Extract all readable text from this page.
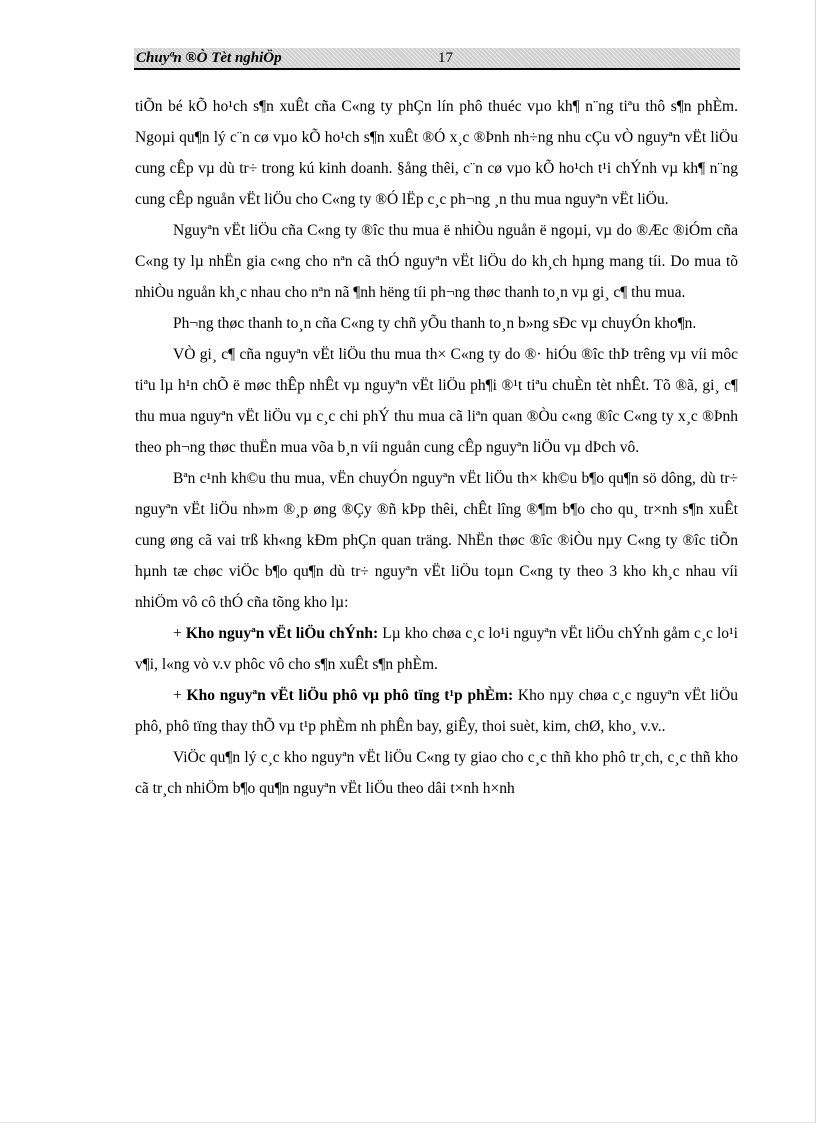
Chuyªn ®Ò Tèt nghiÖp	17

tiÕn bé kÕ ho¹ch s¶n xuÊt cña C«ng ty phÇn lín phô thuéc vµo kh¶ n¨ng tiªu thô s¶n phÈm. Ngoµi qu¶n lý c¨n cø vµo kÕ ho¹ch s¶n xuÊt ®Ó x¸c ®Þnh nh÷ng nhu cÇu vÒ nguyªn vËt liÖu cung cÊp vµ dù tr÷ trong kú kinh doanh. §ång thêi, c¨n cø vµo kÕ ho¹ch t¹i chÝnh vµ kh¶ n¨ng cung cÊp nguån vËt liÖu cho C«ng ty ®Ó lËp c¸c ph¬ng ¸n thu mua nguyªn vËt liÖu.

Nguyªn vËt liÖu cña C«ng ty ®îc thu mua ë nhiÒu nguån ë ngoµi, vµ do ®Æc ®iÓm cña C«ng ty lµ nhËn gia c«ng cho nªn cã thÓ nguyªn vËt liÖu do kh¸ch hµng mang tíi. Do mua tõ nhiÒu nguån kh¸c nhau cho nªn nã ¶nh hëng tíi ph¬ng thøc thanh to¸n vµ gi¸ c¶ thu mua.

Ph¬ng thøc thanh to¸n cña C«ng ty chñ yÕu thanh to¸n b»ng sÐc vµ chuyÓn kho¶n.

VÒ gi¸ c¶ cña nguyªn vËt liÖu thu mua th× C«ng ty do ®· hiÓu ®îc thÞ trêng vµ víi môc tiªu lµ h¹n chÕ ë møc thÊp nhÊt vµ nguyªn vËt liÖu ph¶i ®¹t tiªu chuÈn tèt nhÊt. Tõ ®ã, gi¸ c¶ thu mua nguyªn vËt liÖu vµ c¸c chi phÝ thu mua cã liªn quan ®Òu c«ng ®îc C«ng ty x¸c ®Þnh theo ph¬ng thøc thuËn mua võa b¸n víi nguån cung cÊp nguyªn liÖu vµ dÞch vô.

Bªn c¹nh kh©u thu mua, vËn chuyÓn nguyªn vËt liÖu th× kh©u b¶o qu¶n sö dông, dù tr÷ nguyªn vËt liÖu nh»m ®¸p øng ®Çy ®ñ kÞp thêi, chÊt lîng ®¶m b¶o cho qu¸ tr×nh s¶n xuÊt cung øng cã vai trß kh«ng kÐm phÇn quan träng. NhËn thøc ®îc ®iÒu nµy C«ng ty ®îc tiÕn hµnh tæ chøc viÖc b¶o qu¶n dù tr÷ nguyªn vËt liÖu toµn C«ng ty theo 3 kho kh¸c nhau víi nhiÖm vô cô thÓ cña tõng kho lµ:

+ Kho nguyªn vËt liÖu chÝnh: Lµ kho chøa c¸c lo¹i nguyªn vËt liÖu chÝnh gåm c¸c lo¹i v¶i, l«ng vò v.v phôc vô cho s¶n xuÊt s¶n phÈm.

+ Kho nguyªn vËt liÖu phô vµ phô tïng t¹p phÈm: Kho nµy chøa c¸c nguyªn vËt liÖu phô, phô tïng thay thÕ vµ t¹p phÈm nh phÊn bay, giÊy, thoi suèt, kim, chØ, kho¸ v.v..

ViÖc qu¶n lý c¸c kho nguyªn vËt liÖu C«ng ty giao cho c¸c thñ kho phô tr¸ch, c¸c thñ kho cã tr¸ch nhiÖm b¶o qu¶n nguyªn vËt liÖu theo dâi t×nh h×nh
